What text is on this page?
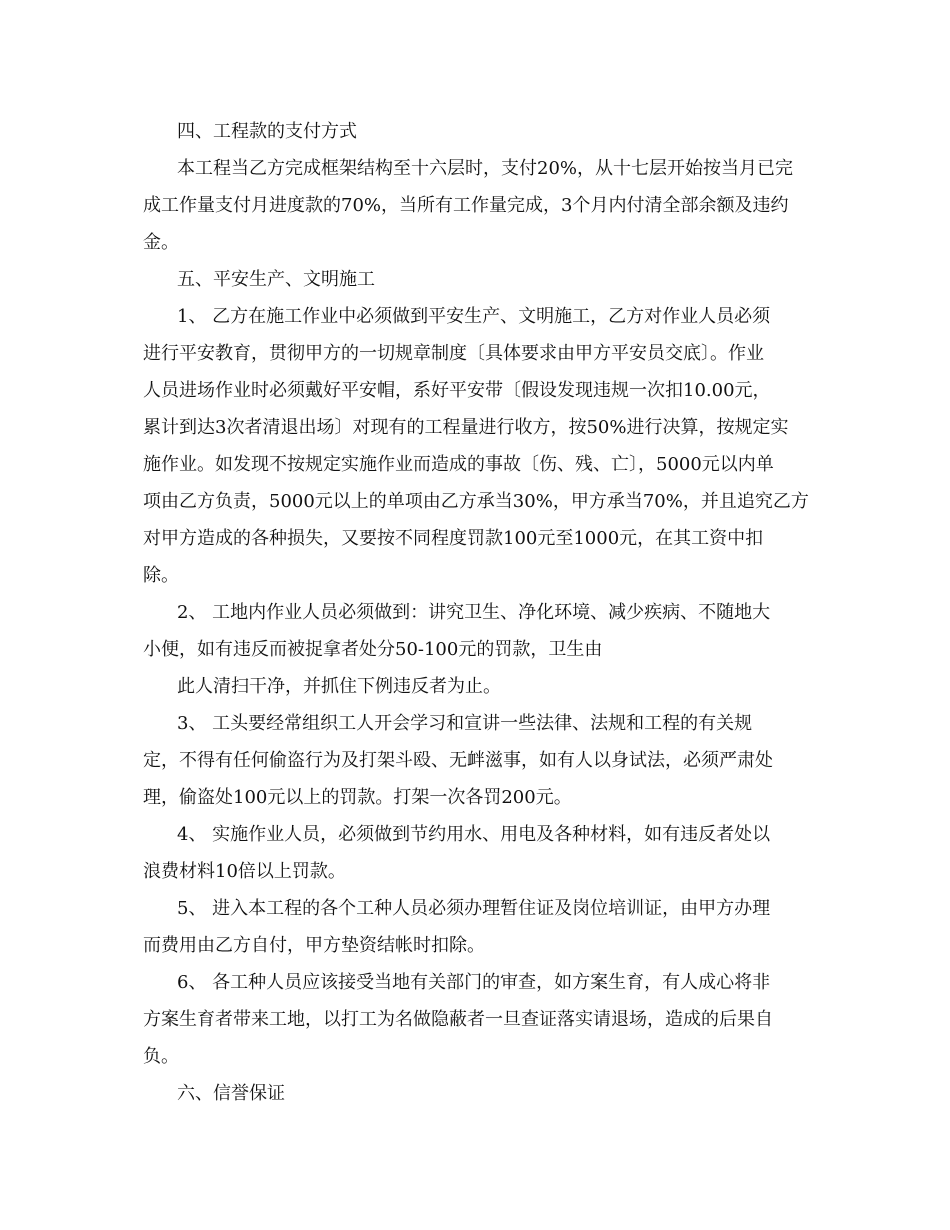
四、工程款的支付方式
本工程当乙方完成框架结构至十六层时，支付20%，从十七层开始按当月已完
成工作量支付月进度款的70%，当所有工作量完成，3个月内付清全部余额及违约
金。
五、平安生产、文明施工
1、 乙方在施工作业中必须做到平安生产、文明施工，乙方对作业人员必须
进行平安教育，贯彻甲方的一切规章制度〔具体要求由甲方平安员交底〕。作业
人员进场作业时必须戴好平安帽，系好平安带〔假设发现违规一次扣10.00元，
累计到达3次者清退出场〕对现有的工程量进行收方，按50%进行决算，按规定实
施作业。如发现不按规定实施作业而造成的事故〔伤、残、亡〕，5000元以内单
项由乙方负责，5000元以上的单项由乙方承当30%，甲方承当70%，并且追究乙方
对甲方造成的各种损失，又要按不同程度罚款100元至1000元，在其工资中扣
除。
2、 工地内作业人员必须做到：讲究卫生、净化环境、减少疾病、不随地大
小便，如有违反而被捉拿者处分50-100元的罚款，卫生由
此人清扫干净，并抓住下例违反者为止。
3、 工头要经常组织工人开会学习和宣讲一些法律、法规和工程的有关规
定，不得有任何偷盗行为及打架斗殴、无衅滋事，如有人以身试法，必须严肃处
理，偷盗处100元以上的罚款。打架一次各罚200元。
4、 实施作业人员，必须做到节约用水、用电及各种材料，如有违反者处以
浪费材料10倍以上罚款。
5、 进入本工程的各个工种人员必须办理暂住证及岗位培训证，由甲方办理
而费用由乙方自付，甲方垫资结帐时扣除。
6、 各工种人员应该接受当地有关部门的审查，如方案生育，有人成心将非
方案生育者带来工地，以打工为名做隐蔽者一旦查证落实请退场，造成的后果自
负。
六、信誉保证
